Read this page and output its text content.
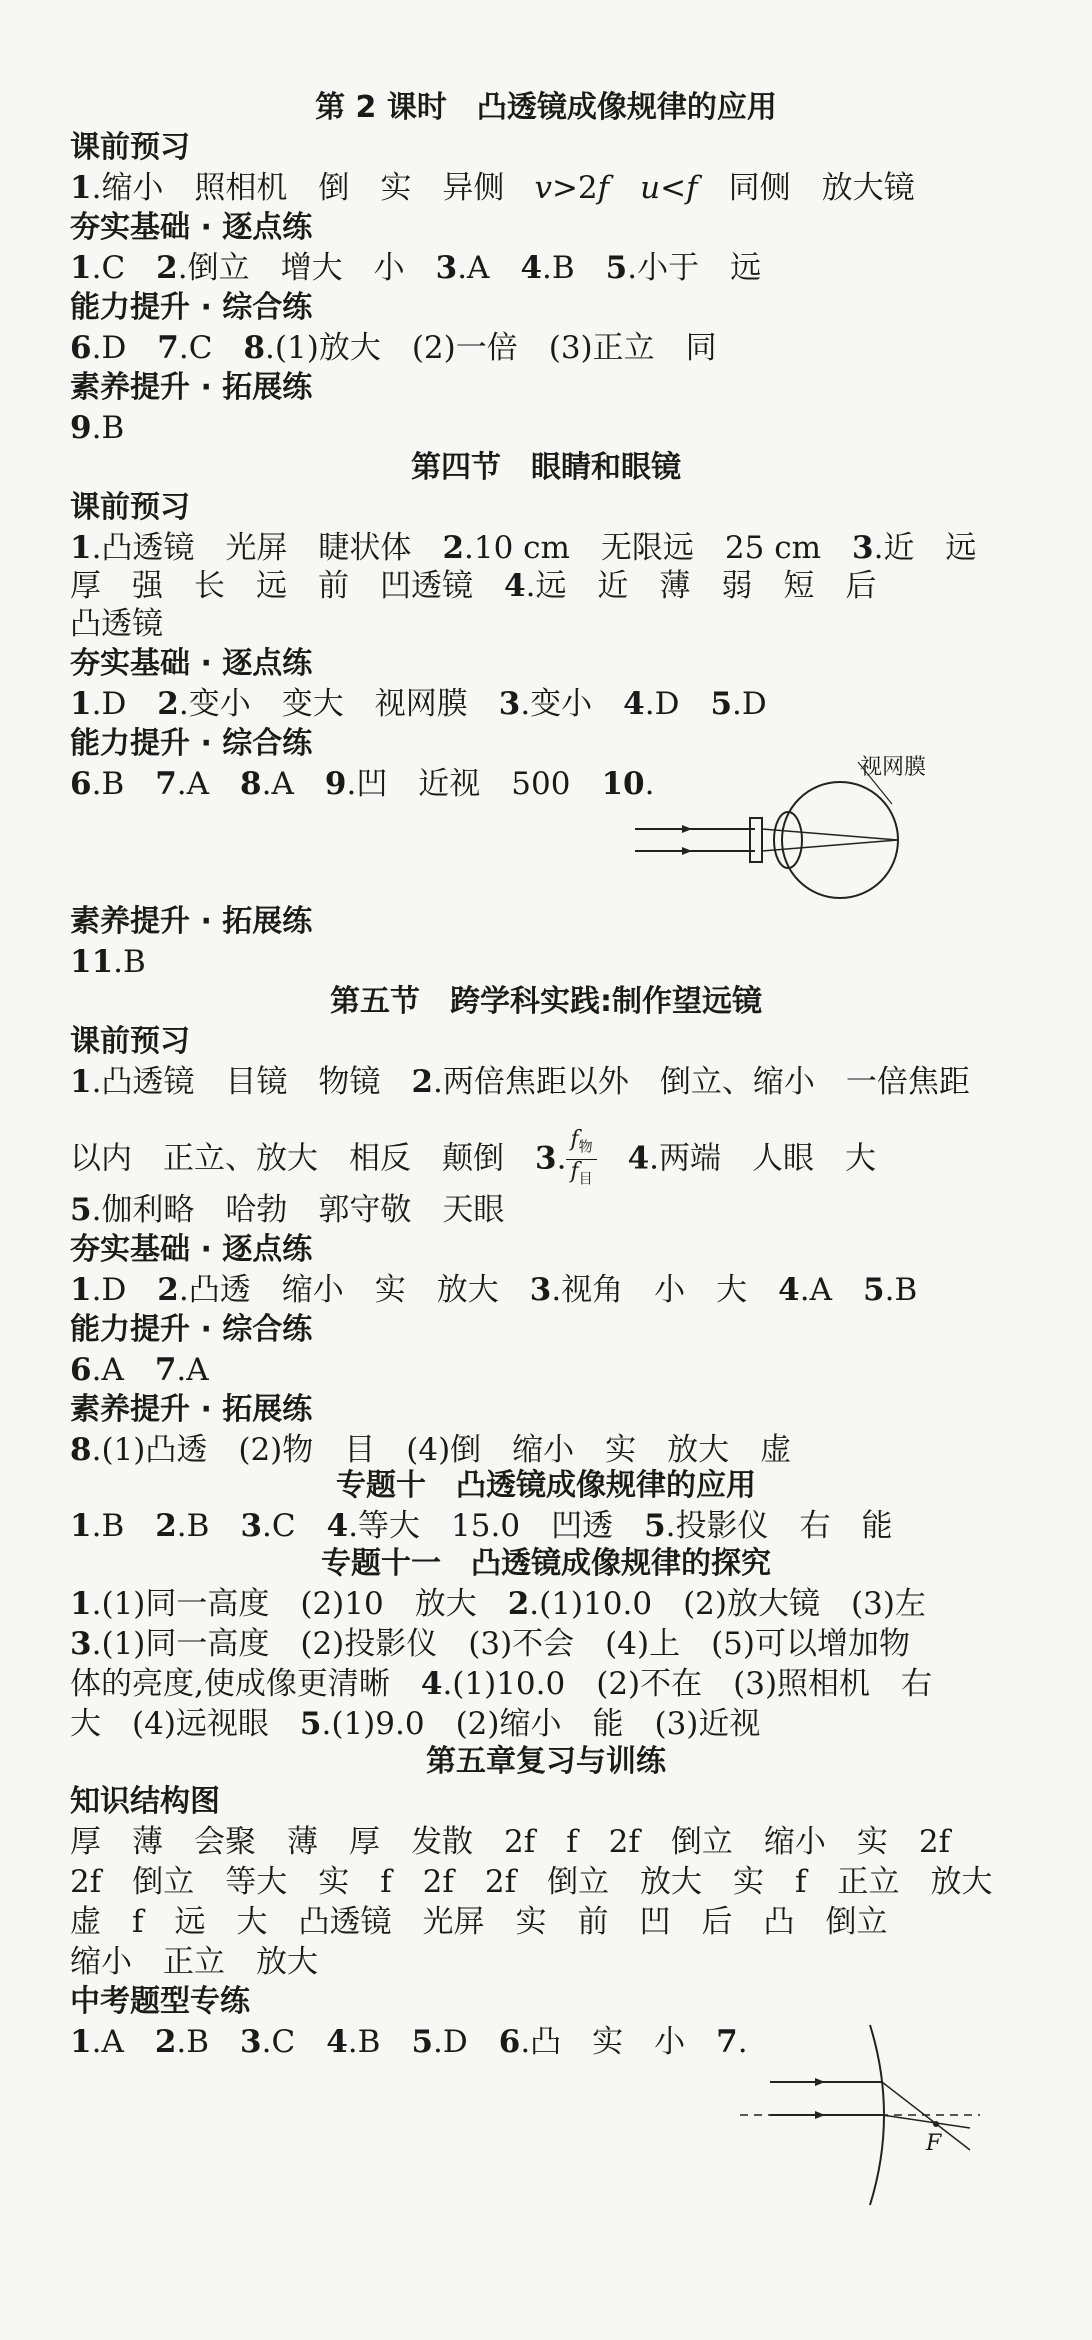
第 2 课时　凸透镜成像规律的应用
课前预习
1.缩小　照相机　倒　实　异侧 v>2f　 u<f　 同侧　放大镜
夯实基础 · 逐点练
1.C　2.倒立　增大　小　3.A　4.B　5.小于　远
能力提升 · 综合练
6.D　7.C　8.(1)放大　(2)一倍　(3)正立　同
素养提升 · 拓展练
9.B
第四节　眼睛和眼镜
课前预习
1.凸透镜　光屏　睫状体　2.10 cm　无限远　25 cm　3.近　远
厚　强　长　远　前　凹透镜　4.远　近　薄　弱　短　后
凸透镜
夯实基础 · 逐点练
1.D　2.变小　变大　视网膜　3.变小　4.D　5.D
能力提升 · 综合练
6.B　7.A　8.A　9.凹　近视　500　10.	视网膜
素养提升 · 拓展练
11.B
第五节　跨学科实践:制作望远镜
课前预习
1.凸透镜　目镜　物镜　2.两倍焦距以外　倒立、缩小　一倍焦距
以内　正立、放大　相反　颠倒　3. $\frac{f_物}{f_目}$
　 4.两端　人眼　大
5.伽利略　哈勃　郭守敬　天眼
夯实基础 · 逐点练
1.D　2.凸透　缩小　实　放大　3.视角　小　大　4.A　5.B
能力提升 · 综合练
6.A　7.A
素养提升 · 拓展练
8.(1)凸透　(2)物　目　(4)倒　缩小　实　放大　虚
专题十　凸透镜成像规律的应用
1.B　2.B　3.C　4.等大　15.0　凹透　5.投影仪　右　能
专题十一　凸透镜成像规律的探究
1.(1)同一高度　(2)10　放大　2.(1)10.0　(2)放大镜　(3)左
3.(1)同一高度　(2)投影仪　(3)不会　(4)上　(5)可以增加物
体的亮度,使成像更清晰　4.(1)10.0　(2)不在　(3)照相机　右
大　(4)远视眼　5.(1)9.0　(2)缩小　能　(3)近视
第五章复习与训练
知识结构图
厚　薄　会聚　薄　厚　发散　2f　f　2f　倒立　缩小　实　2f
2f　倒立　等大　实　f　2f　2f　倒立　放大　实　f　正立　放大
虚　f　远　大　凸透镜　光屏　实　前　凹　后　凸　倒立
缩小　正立　放大
中考题型专练
1.A　2.B　3.C　4.B　5.D　6.凸　实　小　7.
F
